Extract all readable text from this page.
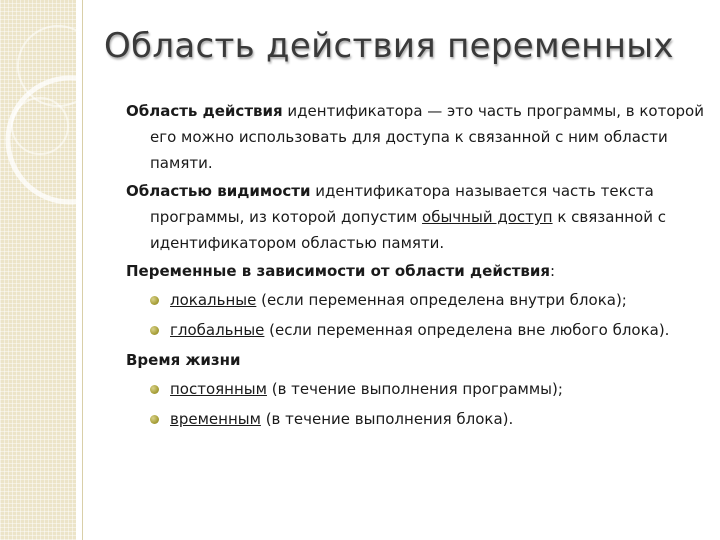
Область действия переменных

Область действия идентификатора — это часть программы, в которой его можно использовать для доступа к связанной с ним области памяти.

Областью видимости идентификатора называется часть текста программы, из которой допустим обычный доступ к связанной с идентификатором областью памяти.

Переменные в зависимости от области действия:

локальные (если переменная определена внутри блока);
глобальные (если переменная определена вне любого блока).

Время жизни

постоянным (в течение выполнения программы);
временным (в течение выполнения блока).
